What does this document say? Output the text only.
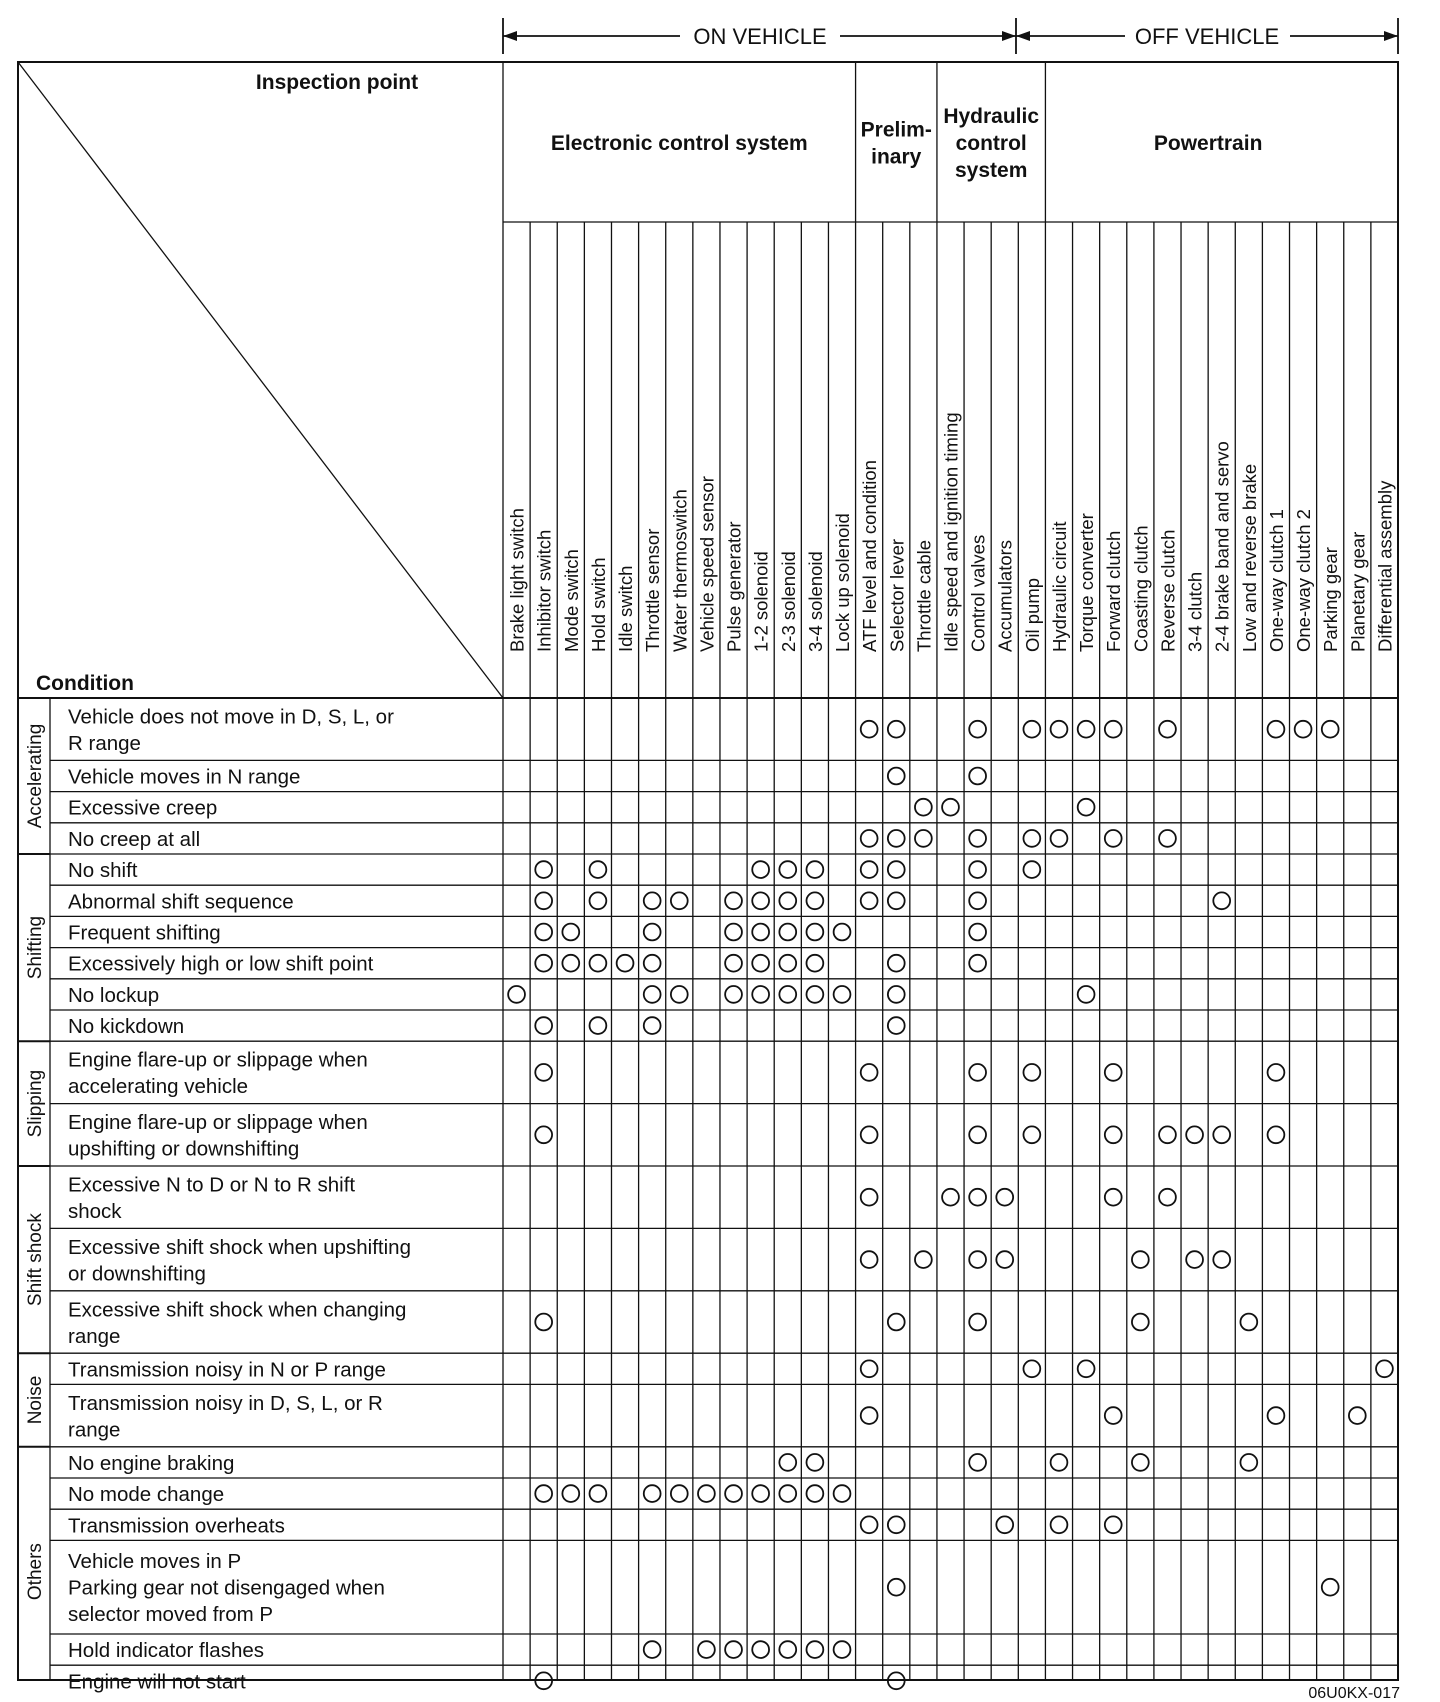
ON VEHICLE	OFF VEHICLE
Inspection point
Condition
Electronic control system
Prelim-
inary
Hydraulic
control
system
Powertrain
Brake light switch Inhibitor switch Mode switch Hold switch Idle switch Throttle sensor Water thermoswitch Vehicle speed sensor Pulse generator 1-2 solenoid 2-3 solenoid 3-4 solenoid Lock up solenoid ATF level and condition Selector lever Throttle cable Idle speed and ignition timing Control valves Accumulators Oil pump Hydraulic circuit Torque converter Forward clutch Coasting clutch Reverse clutch 3-4 clutch 2-4 brake band and servo Low and reverse brake One-way clutch 1 One-way clutch 2 Parking gear Planetary gear Differential assembly
Accelerating
Shifting
Slipping
Shift shock
Noise
Others
Vehicle does not move in D, S, L, or
R range
Vehicle moves in N range
Excessive creep
No creep at all
No shift
Abnormal shift sequence
Frequent shifting
Excessively high or low shift point
No lockup
No kickdown
Engine flare-up or slippage when
accelerating vehicle
Engine flare-up or slippage when
upshifting or downshifting
Excessive N to D or N to R shift
shock
Excessive shift shock when upshifting
or downshifting
Excessive shift shock when changing
range
Transmission noisy in N or P range
Transmission noisy in D, S, L, or R
range
No engine braking
No mode change
Transmission overheats
Vehicle moves in P
Parking gear not disengaged when
selector moved from P
Hold indicator flashes
Engine will not start
06U0KX-017
